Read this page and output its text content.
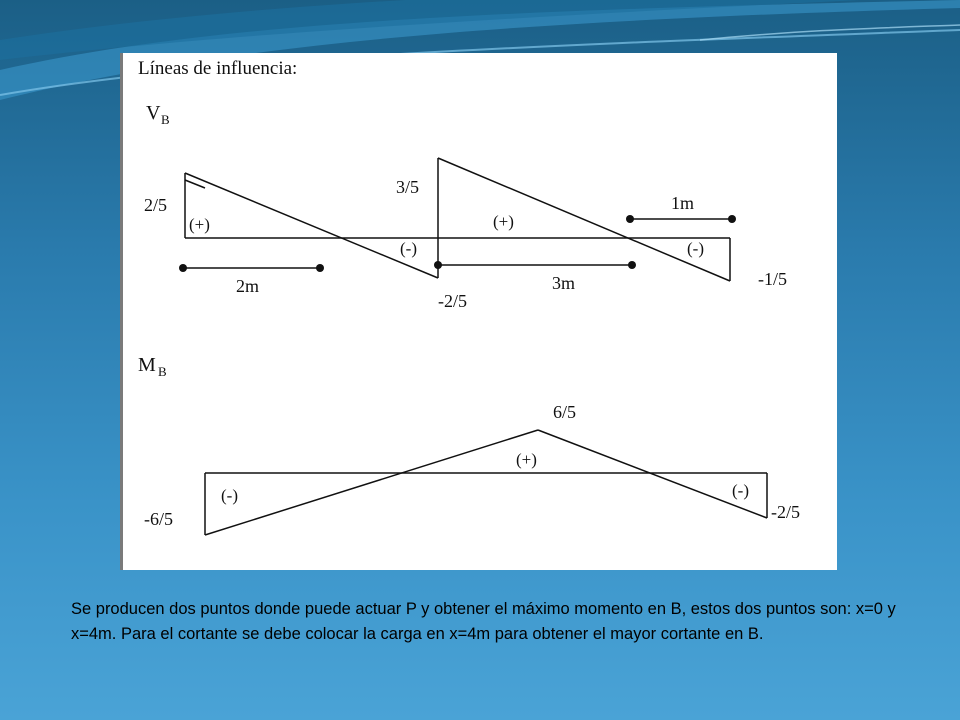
Líneas de influencia:
V B
2/5
3/5
-2/5
-1/5
(+)
(-)
(+)
(-)
2m	3m
1m
M B
6/5
-6/5	-2/5
(-)
(+)
(-)
Se producen dos puntos donde puede actuar P y obtener el máximo momento en B, estos dos puntos son: x=0 y x=4m. Para el cortante se debe colocar la carga en x=4m para obtener el mayor cortante en B.
